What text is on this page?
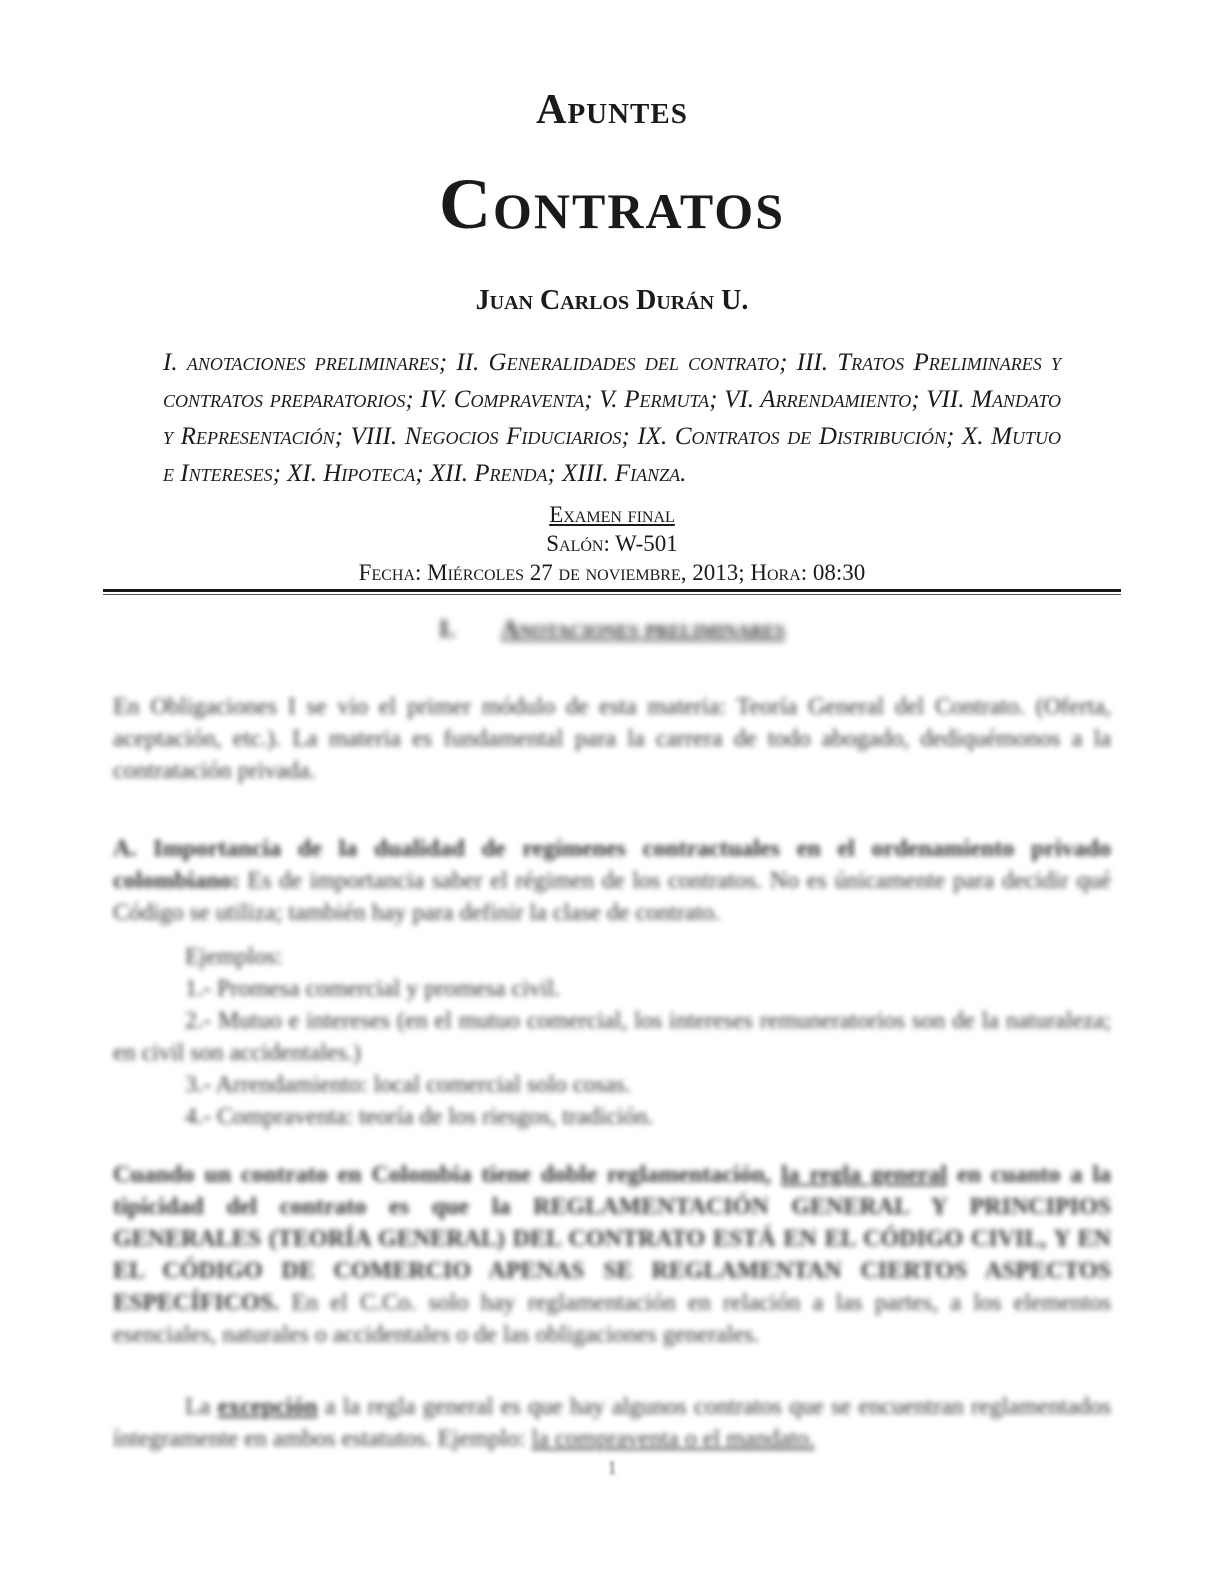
Apuntes
Contratos
Juan Carlos Durán U.

I. anotaciones preliminares; II. Generalidades del contrato; III. Tratos Preliminares y contratos preparatorios; IV. Compraventa; V. Permuta; VI. Arrendamiento; VII. Mandato y Representación; VIII. Negocios Fiduciarios; IX. Contratos de Distribución; X. Mutuo e Intereses; XI. Hipoteca; XII. Prenda; XIII. Fianza.

Examen final
Salón: W-501
Fecha: Miércoles 27 de noviembre, 2013; Hora: 08:30
I. Anotaciones preliminares

En Obligaciones I se vio el primer módulo de esta materia: Teoría General del Contrato. (Oferta, aceptación, etc.). La materia es fundamental para la carrera de todo abogado, dediquémonos a la contratación privada.

A. Importancia de la dualidad de regímenes contractuales en el ordenamiento privado colombiano: Es de importancia saber el régimen de los contratos. No es únicamente para decidir qué Código se utiliza; también hay para definir la clase de contrato.

Ejemplos:

1.- Promesa comercial y promesa civil.

2.- Mutuo e intereses (en el mutuo comercial, los intereses remuneratorios son de la naturaleza; en civil son accidentales.)

3.- Arrendamiento: local comercial solo cosas.

4.- Compraventa: teoría de los riesgos, tradición.

Cuando un contrato en Colombia tiene doble reglamentación, la regla general en cuanto a la tipicidad del contrato es que la REGLAMENTACIÓN GENERAL Y PRINCIPIOS GENERALES (TEORÍA GENERAL) DEL CONTRATO ESTÁ EN EL CÓDIGO CIVIL, Y EN EL CÓDIGO DE COMERCIO APENAS SE REGLAMENTAN CIERTOS ASPECTOS ESPECÍFICOS. En el C.Co. solo hay reglamentación en relación a las partes, a los elementos esenciales, naturales o accidentales o de las obligaciones generales.

La excepción a la regla general es que hay algunos contratos que se encuentran reglamentados íntegramente en ambos estatutos. Ejemplo: la compraventa o el mandato.

1
